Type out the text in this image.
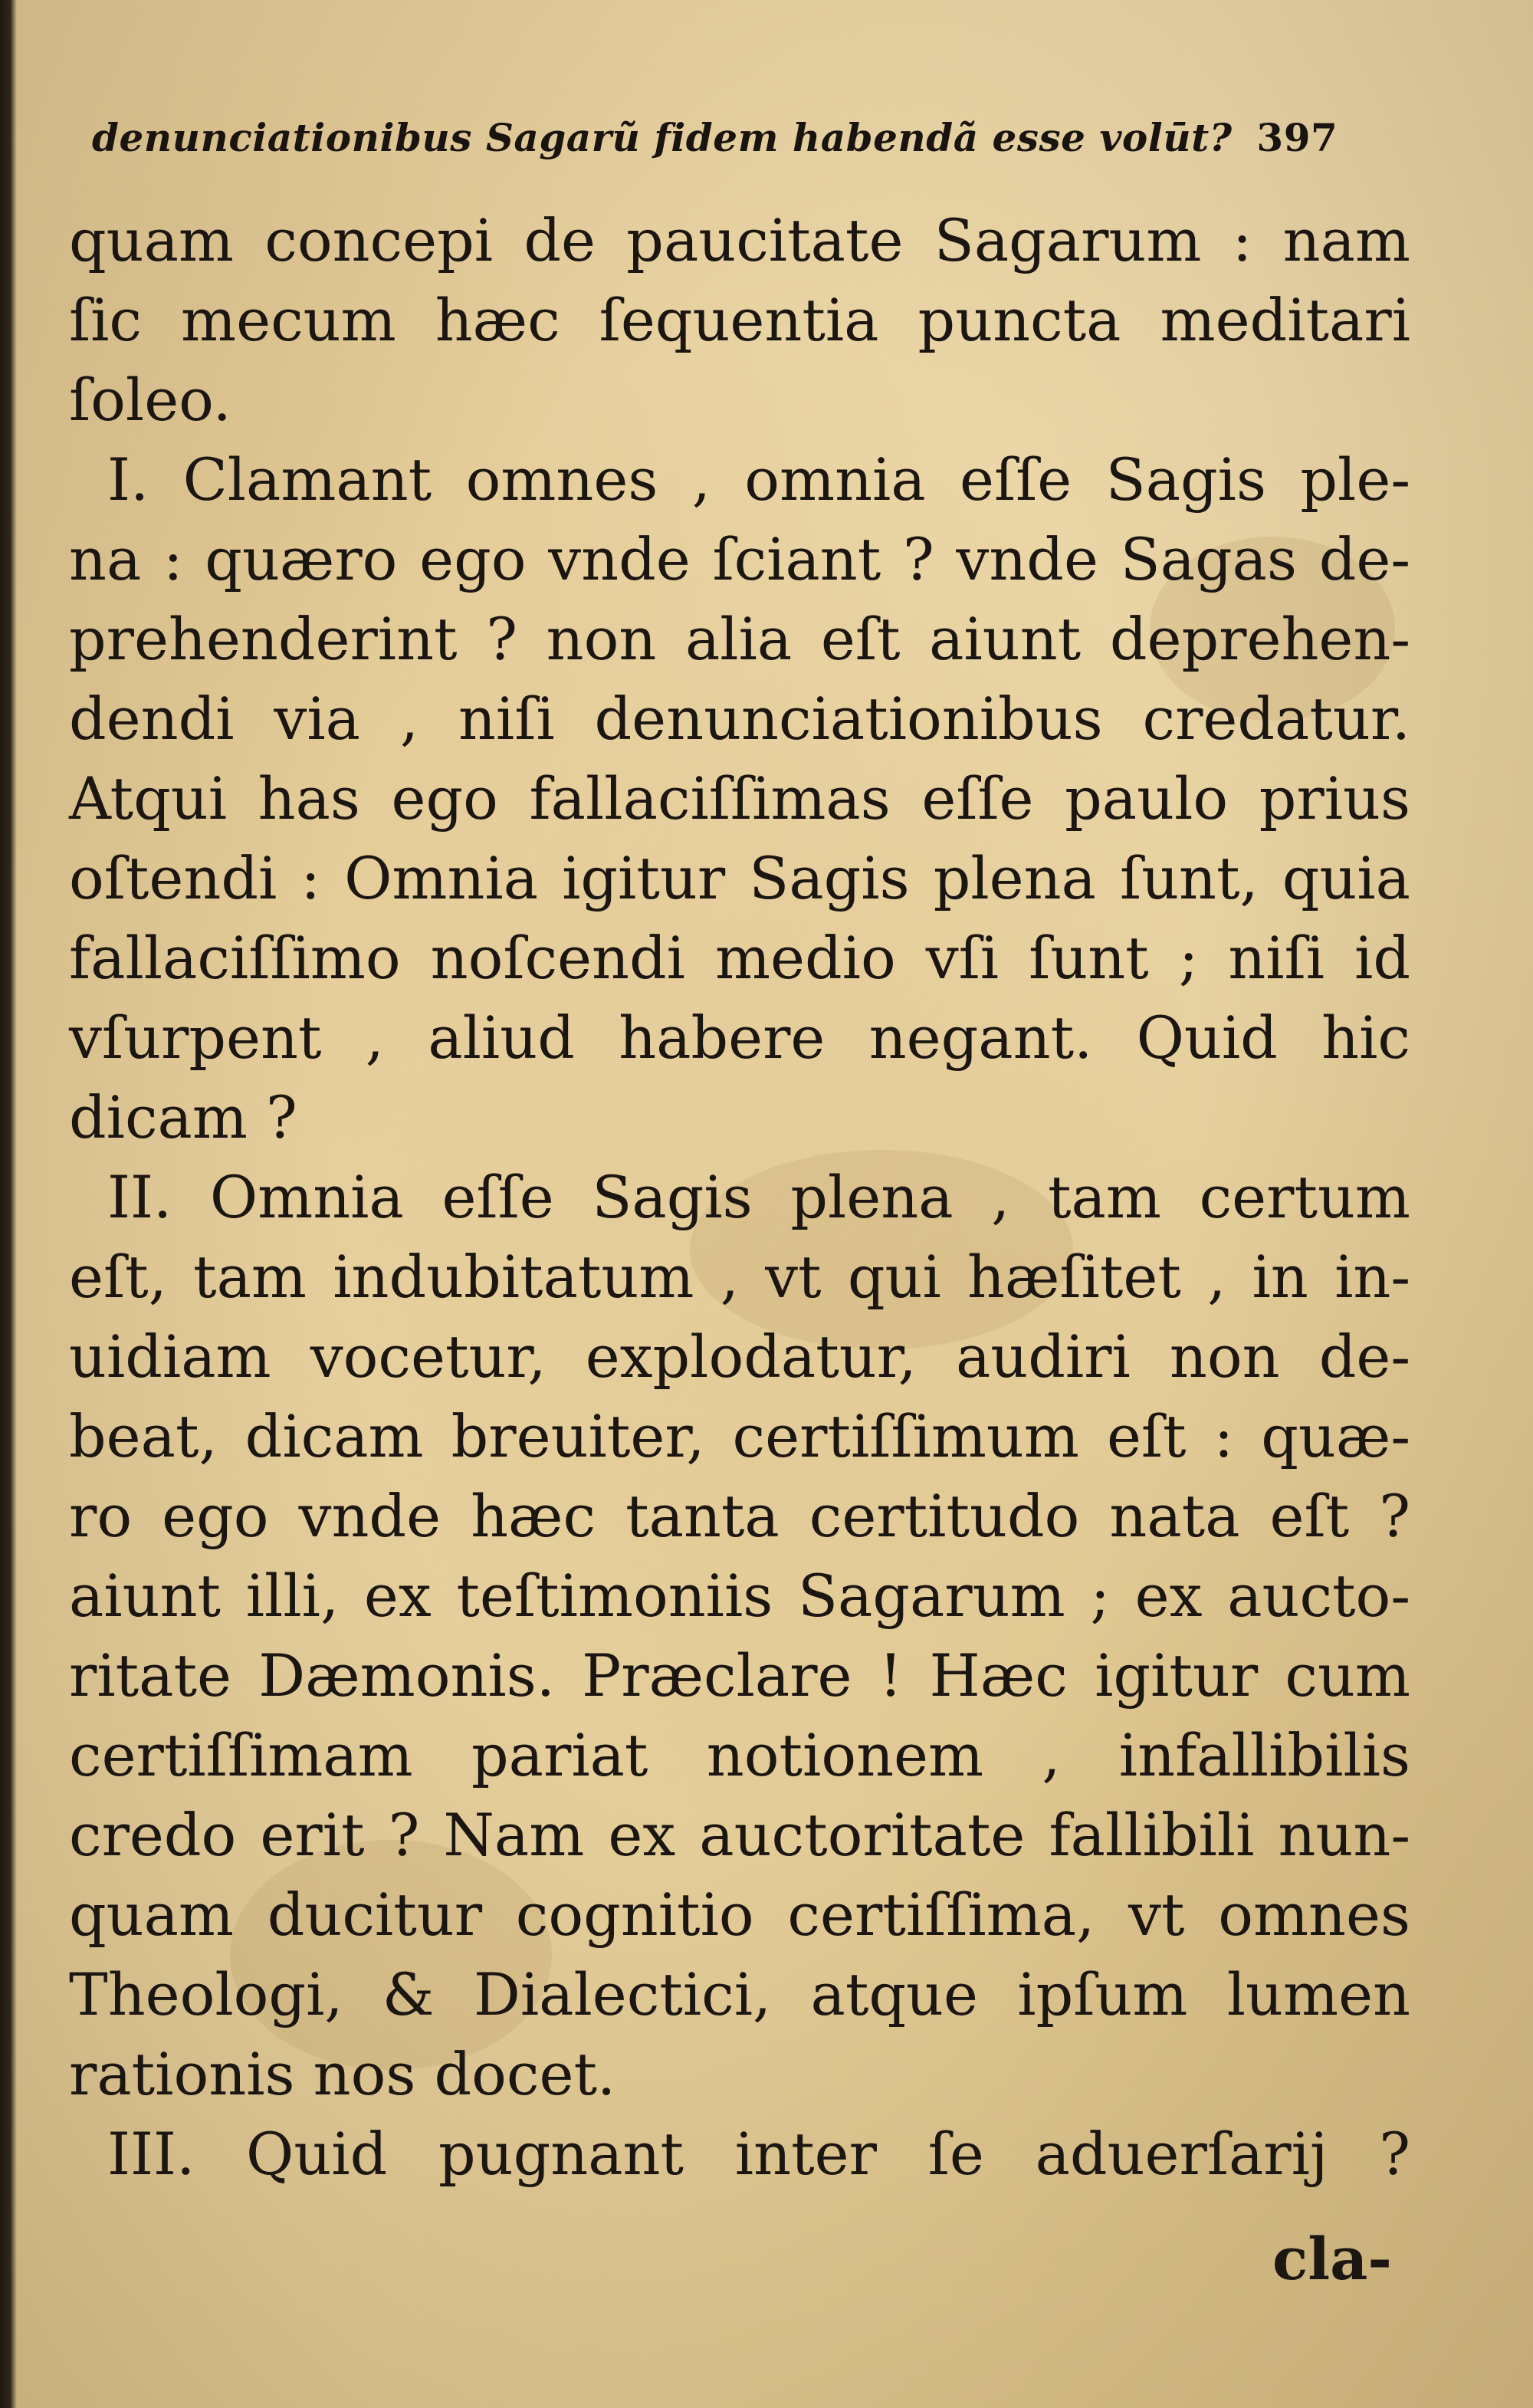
denunciationibus Sagarũ fidem habendã esse volūt? 397
quam concepi de paucitate Sagarum : nam
ſic mecum hæc ſequentia puncta meditari
ſoleo.
I. Clamant omnes , omnia eſſe Sagis ple-
na : quæro ego vnde ſciant ? vnde Sagas de-
prehenderint ? non alia eſt aiunt deprehen-
dendi via , niſi denunciationibus credatur.
Atqui has ego fallaciſſimas eſſe paulo prius
oſtendi : Omnia igitur Sagis plena ſunt, quia
fallaciſſimo noſcendi medio vſi ſunt ; niſi id
vſurpent , aliud habere negant. Quid hic
dicam ?
II. Omnia eſſe Sagis plena , tam certum
eſt, tam indubitatum , vt qui hæſitet , in in-
uidiam vocetur, explodatur, audiri non de-
beat, dicam breuiter, certiſſimum eſt : quæ-
ro ego vnde hæc tanta certitudo nata eſt ?
aiunt illi, ex teſtimoniis Sagarum ; ex aucto-
ritate Dæmonis. Præclare ! Hæc igitur cum
certiſſimam pariat notionem , infallibilis
credo erit ? Nam ex auctoritate fallibili nun-
quam ducitur cognitio certiſſima, vt omnes
Theologi, & Dialectici, atque ipſum lumen
rationis nos docet.
III. Quid pugnant inter ſe aduerſarij ?
cla-
